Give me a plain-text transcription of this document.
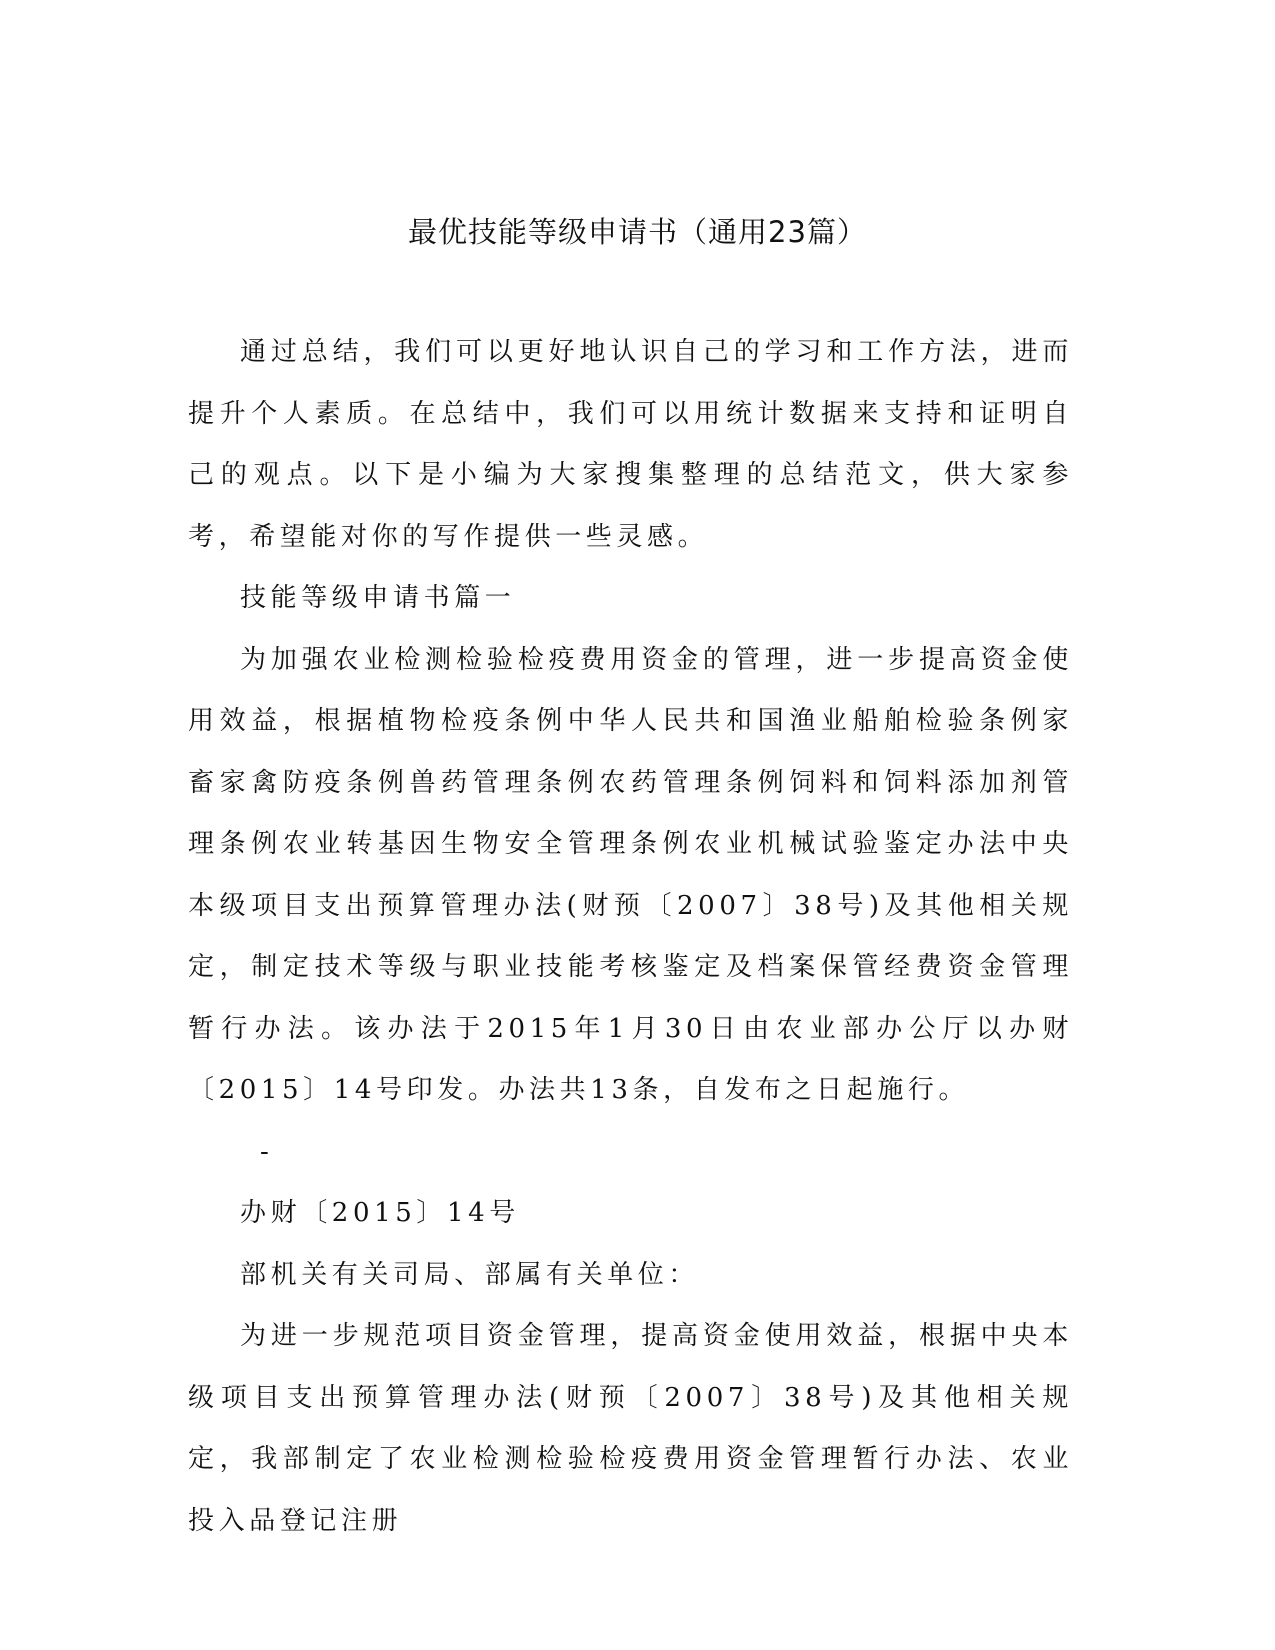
最优技能等级申请书（通用23篇）

通过总结，我们可以更好地认识自己的学习和工作方法，进而提升个人素质。在总结中，我们可以用统计数据来支持和证明自己的观点。以下是小编为大家搜集整理的总结范文，供大家参考，希望能对你的写作提供一些灵感。

技能等级申请书篇一

为加强农业检测检验检疫费用资金的管理，进一步提高资金使用效益，根据植物检疫条例中华人民共和国渔业船舶检验条例家畜家禽防疫条例兽药管理条例农药管理条例饲料和饲料添加剂管理条例农业转基因生物安全管理条例农业机械试验鉴定办法中央本级项目支出预算管理办法(财预〔2007〕38号)及其他相关规定，制定技术等级与职业技能考核鉴定及档案保管经费资金管理暂行办法。该办法于2015年1月30日由农业部办公厅以办财〔2015〕14号印发。办法共13条，自发布之日起施行。

-

办财〔2015〕14号

部机关有关司局、部属有关单位：

为进一步规范项目资金管理，提高资金使用效益，根据中央本级项目支出预算管理办法(财预〔2007〕38号)及其他相关规定，我部制定了农业检测检验检疫费用资金管理暂行办法、农业投入品登记注册
